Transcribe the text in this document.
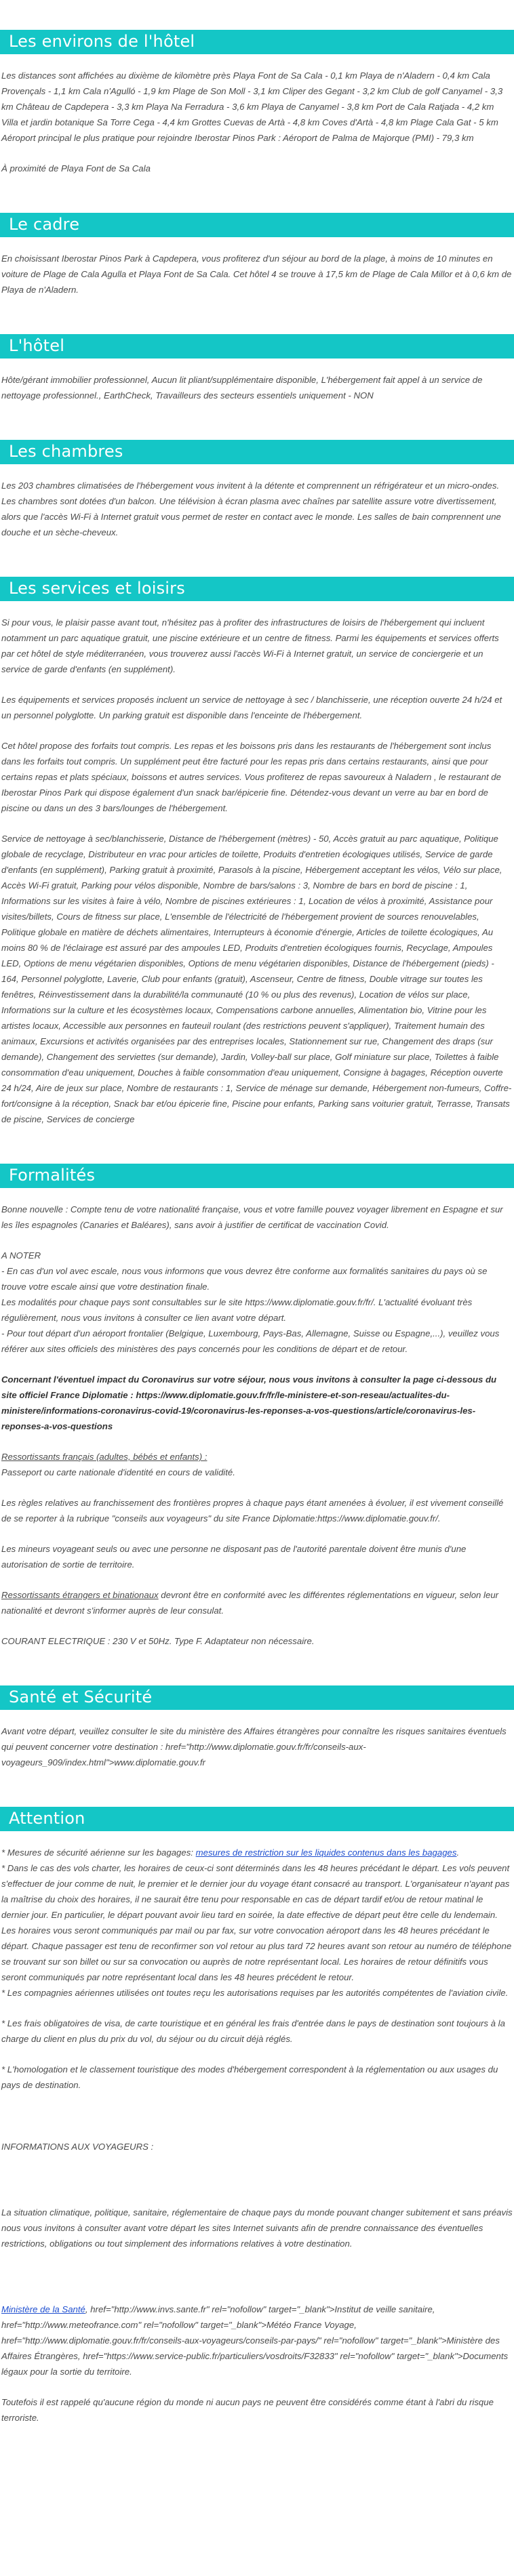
Les environs de l'hôtel

Les distances sont affichées au dixième de kilomètre près Playa Font de Sa Cala - 0,1 km Playa de n'Aladern - 0,4 km Cala Provençals - 1,1 km Cala n'Agulló - 1,9 km Plage de Son Moll - 3,1 km Cliper des Gegant - 3,2 km Club de golf Canyamel - 3,3 km Château de Capdepera - 3,3 km Playa Na Ferradura - 3,6 km Playa de Canyamel - 3,8 km Port de Cala Ratjada - 4,2 km Villa et jardin botanique Sa Torre Cega - 4,4 km Grottes Cuevas de Artà - 4,8 km Coves d'Artà - 4,8 km Plage Cala Gat - 5 km Aéroport principal le plus pratique pour rejoindre Iberostar Pinos Park : Aéroport de Palma de Majorque (PMI) - 79,3 km

À proximité de Playa Font de Sa Cala

Le cadre

En choisissant Iberostar Pinos Park à Capdepera, vous profiterez d'un séjour au bord de la plage, à moins de 10 minutes en voiture de Plage de Cala Agulla et Playa Font de Sa Cala. Cet hôtel 4 se trouve à 17,5 km de Plage de Cala Millor et à 0,6 km de Playa de n'Aladern.

L'hôtel

Hôte/gérant immobilier professionnel, Aucun lit pliant/supplémentaire disponible, L'hébergement fait appel à un service de nettoyage professionnel., EarthCheck, Travailleurs des secteurs essentiels uniquement - NON

Les chambres

Les 203 chambres climatisées de l'hébergement vous invitent à la détente et comprennent un réfrigérateur et un micro-ondes. Les chambres sont dotées d'un balcon. Une télévision à écran plasma avec chaînes par satellite assure votre divertissement, alors que l'accès Wi-Fi à Internet gratuit vous permet de rester en contact avec le monde. Les salles de bain comprennent une douche et un sèche-cheveux.

Les services et loisirs

Si pour vous, le plaisir passe avant tout, n'hésitez pas à profiter des infrastructures de loisirs de l'hébergement qui incluent notamment un parc aquatique gratuit, une piscine extérieure et un centre de fitness. Parmi les équipements et services offerts par cet hôtel de style méditerranéen, vous trouverez aussi l'accès Wi-Fi à Internet gratuit, un service de conciergerie et un service de garde d'enfants (en supplément).

Les équipements et services proposés incluent un service de nettoyage à sec / blanchisserie, une réception ouverte 24 h/24 et un personnel polyglotte. Un parking gratuit est disponible dans l'enceinte de l'hébergement.

Cet hôtel propose des forfaits tout compris. Les repas et les boissons pris dans les restaurants de l'hébergement sont inclus dans les forfaits tout compris. Un supplément peut être facturé pour les repas pris dans certains restaurants, ainsi que pour certains repas et plats spéciaux, boissons et autres services. Vous profiterez de repas savoureux à Naladern , le restaurant de Iberostar Pinos Park qui dispose également d'un snack bar/épicerie fine. Détendez-vous devant un verre au bar en bord de piscine ou dans un des 3 bars/lounges de l'hébergement.

Service de nettoyage à sec/blanchisserie, Distance de l'hébergement (mètres) - 50, Accès gratuit au parc aquatique, Politique globale de recyclage, Distributeur en vrac pour articles de toilette, Produits d'entretien écologiques utilisés, Service de garde d'enfants (en supplément), Parking gratuit à proximité, Parasols à la piscine, Hébergement acceptant les vélos, Vélo sur place, Accès Wi-Fi gratuit, Parking pour vélos disponible, Nombre de bars/salons : 3, Nombre de bars en bord de piscine : 1, Informations sur les visites à faire à vélo, Nombre de piscines extérieures : 1, Location de vélos à proximité, Assistance pour visites/billets, Cours de fitness sur place, L'ensemble de l'électricité de l'hébergement provient de sources renouvelables, Politique globale en matière de déchets alimentaires, Interrupteurs à économie d'énergie, Articles de toilette écologiques, Au moins 80 % de l'éclairage est assuré par des ampoules LED, Produits d'entretien écologiques fournis, Recyclage, Ampoules LED, Options de menu végétarien disponibles, Options de menu végétarien disponibles, Distance de l'hébergement (pieds) - 164, Personnel polyglotte, Laverie, Club pour enfants (gratuit), Ascenseur, Centre de fitness, Double vitrage sur toutes les fenêtres, Réinvestissement dans la durabilité/la communauté (10 % ou plus des revenus), Location de vélos sur place, Informations sur la culture et les écosystèmes locaux, Compensations carbone annuelles, Alimentation bio, Vitrine pour les artistes locaux, Accessible aux personnes en fauteuil roulant (des restrictions peuvent s'appliquer), Traitement humain des animaux, Excursions et activités organisées par des entreprises locales, Stationnement sur rue, Changement des draps (sur demande), Changement des serviettes (sur demande), Jardin, Volley-ball sur place, Golf miniature sur place, Toilettes à faible consommation d'eau uniquement, Douches à faible consommation d'eau uniquement, Consigne à bagages, Réception ouverte 24 h/24, Aire de jeux sur place, Nombre de restaurants : 1, Service de ménage sur demande, Hébergement non-fumeurs, Coffre-fort/consigne à la réception, Snack bar et/ou épicerie fine, Piscine pour enfants, Parking sans voiturier gratuit, Terrasse, Transats de piscine, Services de concierge

Formalités

Bonne nouvelle : Compte tenu de votre nationalité française, vous et votre famille pouvez voyager librement en Espagne et sur les îles espagnoles (Canaries et Baléares), sans avoir à justifier de certificat de vaccination Covid.

A NOTER

- En cas d'un vol avec escale, nous vous informons que vous devrez être conforme aux formalités sanitaires du pays où se trouve votre escale ainsi que votre destination finale.

Les modalités pour chaque pays sont consultables sur le site https://www.diplomatie.gouv.fr/fr/. L'actualité évoluant très régulièrement, nous vous invitons à consulter ce lien avant votre départ.

- Pour tout départ d'un aéroport frontalier (Belgique, Luxembourg, Pays-Bas, Allemagne, Suisse ou Espagne,...), veuillez vous référer aux sites officiels des ministères des pays concernés pour les conditions de départ et de retour.

Concernant l'éventuel impact du Coronavirus sur votre séjour, nous vous invitons à consulter la page ci-dessous du site officiel France Diplomatie : https://www.diplomatie.gouv.fr/fr/le-ministere-et-son-reseau/actualites-du-ministere/informations-coronavirus-covid-19/coronavirus-les-reponses-a-vos-questions/article/coronavirus-les-reponses-a-vos-questions

Ressortissants français (adultes, bébés et enfants) :

Passeport ou carte nationale d'identité en cours de validité.

Les règles relatives au franchissement des frontières propres à chaque pays étant amenées à évoluer, il est vivement conseillé de se reporter à la rubrique "conseils aux voyageurs" du site France Diplomatie:https://www.diplomatie.gouv.fr/.

Les mineurs voyageant seuls ou avec une personne ne disposant pas de l'autorité parentale doivent être munis d'une autorisation de sortie de territoire.

Ressortissants étrangers et binationaux devront être en conformité avec les différentes réglementations en vigueur, selon leur nationalité et devront s'informer auprès de leur consulat.

COURANT ELECTRIQUE : 230 V et 50Hz. Type F. Adaptateur non nécessaire.

Santé et Sécurité

Avant votre départ, veuillez consulter le site du ministère des Affaires étrangères pour connaître les risques sanitaires éventuels qui peuvent concerner votre destination : href="http://www.diplomatie.gouv.fr/fr/conseils-aux-voyageurs_909/index.html">www.diplomatie.gouv.fr

Attention

* Mesures de sécurité aérienne sur les bagages: mesures de restriction sur les liquides contenus dans les bagages.

* Dans le cas des vols charter, les horaires de ceux-ci sont déterminés dans les 48 heures précédant le départ. Les vols peuvent s'effectuer de jour comme de nuit, le premier et le dernier jour du voyage étant consacré au transport. L'organisateur n'ayant pas la maîtrise du choix des horaires, il ne saurait être tenu pour responsable en cas de départ tardif et/ou de retour matinal le dernier jour. En particulier, le départ pouvant avoir lieu tard en soirée, la date effective de départ peut être celle du lendemain. Les horaires vous seront communiqués par mail ou par fax, sur votre convocation aéroport dans les 48 heures précédant le départ. Chaque passager est tenu de reconfirmer son vol retour au plus tard 72 heures avant son retour au numéro de téléphone se trouvant sur son billet ou sur sa convocation ou auprès de notre représentant local. Les horaires de retour définitifs vous seront communiqués par notre représentant local dans les 48 heures précédent le retour.

* Les compagnies aériennes utilisées ont toutes reçu les autorisations requises par les autorités compétentes de l'aviation civile.

* Les frais obligatoires de visa, de carte touristique et en général les frais d'entrée dans le pays de destination sont toujours à la charge du client en plus du prix du vol, du séjour ou du circuit déjà réglés.

* L'homologation et le classement touristique des modes d'hébergement correspondent à la réglementation ou aux usages du pays de destination.

INFORMATIONS AUX VOYAGEURS :

La situation climatique, politique, sanitaire, réglementaire de chaque pays du monde pouvant changer subitement et sans préavis

nous vous invitons à consulter avant votre départ les sites Internet suivants afin de prendre connaissance des éventuelles restrictions, obligations ou tout simplement des informations relatives à votre destination.

Ministère de la Santé, href="http://www.invs.sante.fr" rel="nofollow" target="_blank">Institut de veille sanitaire, href="http://www.meteofrance.com" rel="nofollow" target="_blank">Météo France Voyage, href="http://www.diplomatie.gouv.fr/fr/conseils-aux-voyageurs/conseils-par-pays/" rel="nofollow" target="_blank">Ministère des Affaires Étrangères, href="https://www.service-public.fr/particuliers/vosdroits/F32833" rel="nofollow" target="_blank">Documents légaux pour la sortie du territoire.

Toutefois il est rappelé qu'aucune région du monde ni aucun pays ne peuvent être considérés comme étant à l'abri du risque terroriste.
